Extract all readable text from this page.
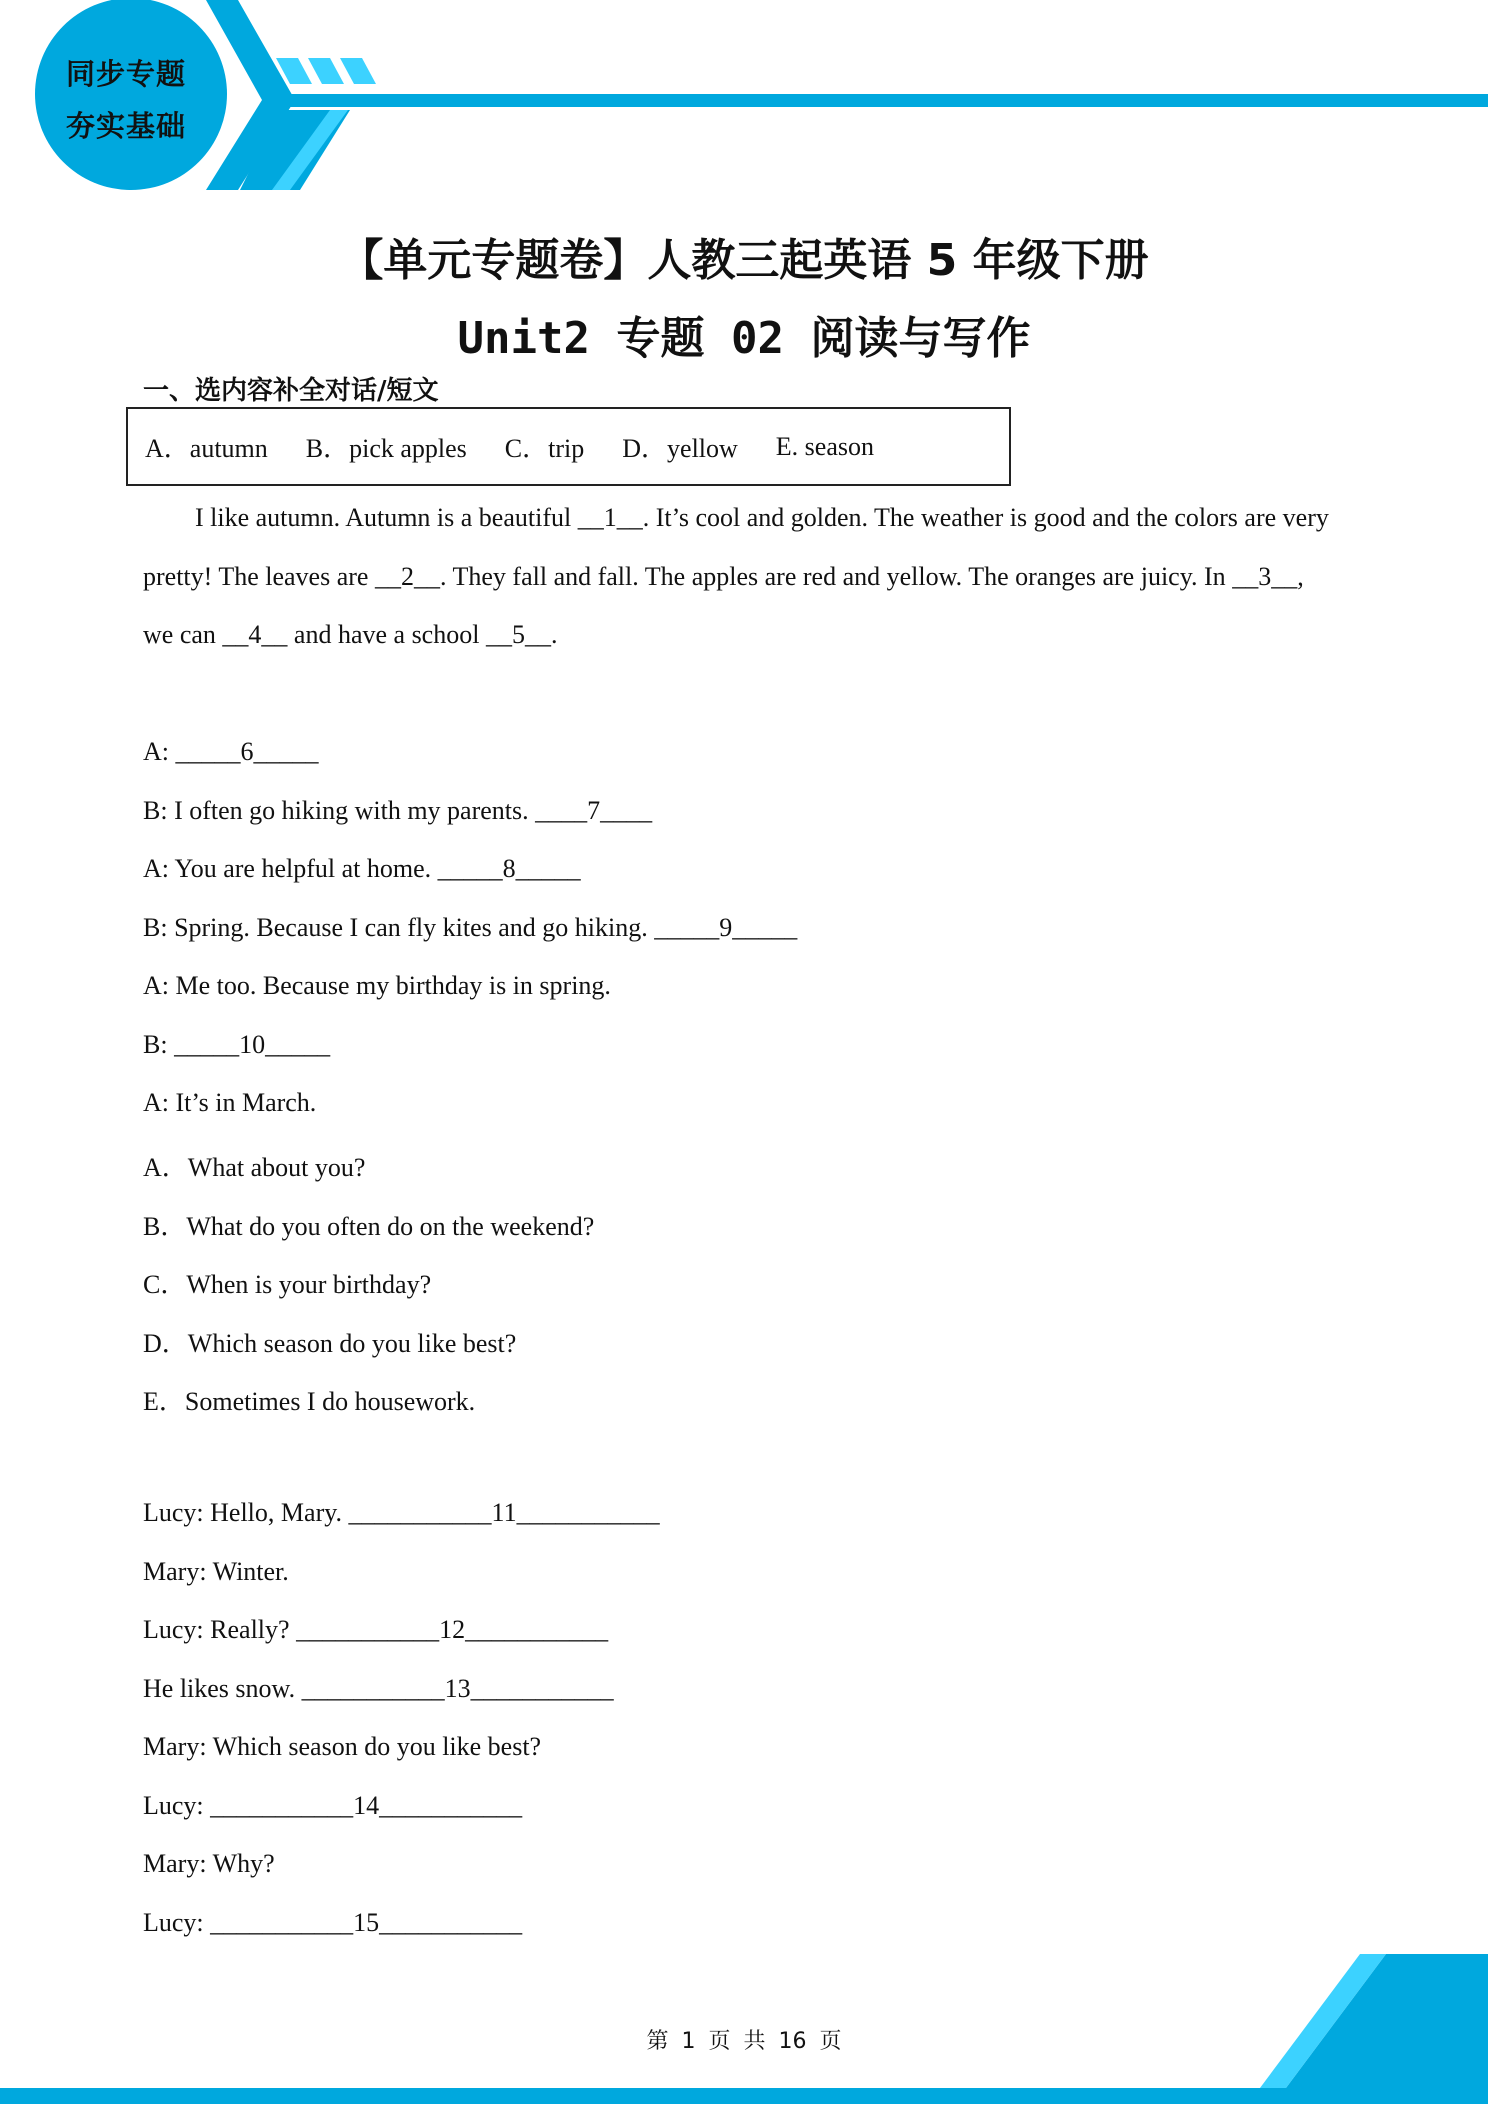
同步专题
夯实基础
【单元专题卷】人教三起英语 5 年级下册
Unit2 专题 02 阅读与写作
一、选内容补全对话/短文
A．autumn B．pick apples C．trip D．yellow E. season
I like autumn. Autumn is a beautiful __1__. It’s cool and golden. The weather is good and the colors are very
pretty! The leaves are __2__. They fall and fall. The apples are red and yellow. The oranges are juicy. In __3__,
we can __4__ and have a school __5__.
A: _____6_____
B: I often go hiking with my parents. ____7____
A: You are helpful at home. _____8_____
B: Spring. Because I can fly kites and go hiking. _____9_____
A: Me too. Because my birthday is in spring.
B: _____10_____
A: It’s in March.
A．What about you?
B．What do you often do on the weekend?
C．When is your birthday?
D．Which season do you like best?
E．Sometimes I do housework.
Lucy: Hello, Mary. ___________11___________
Mary: Winter.
Lucy: Really? ___________12___________
He likes snow. ___________13___________
Mary: Which season do you like best?
Lucy: ___________14___________
Mary: Why?
Lucy: ___________15___________
第 1 页 共 16 页
